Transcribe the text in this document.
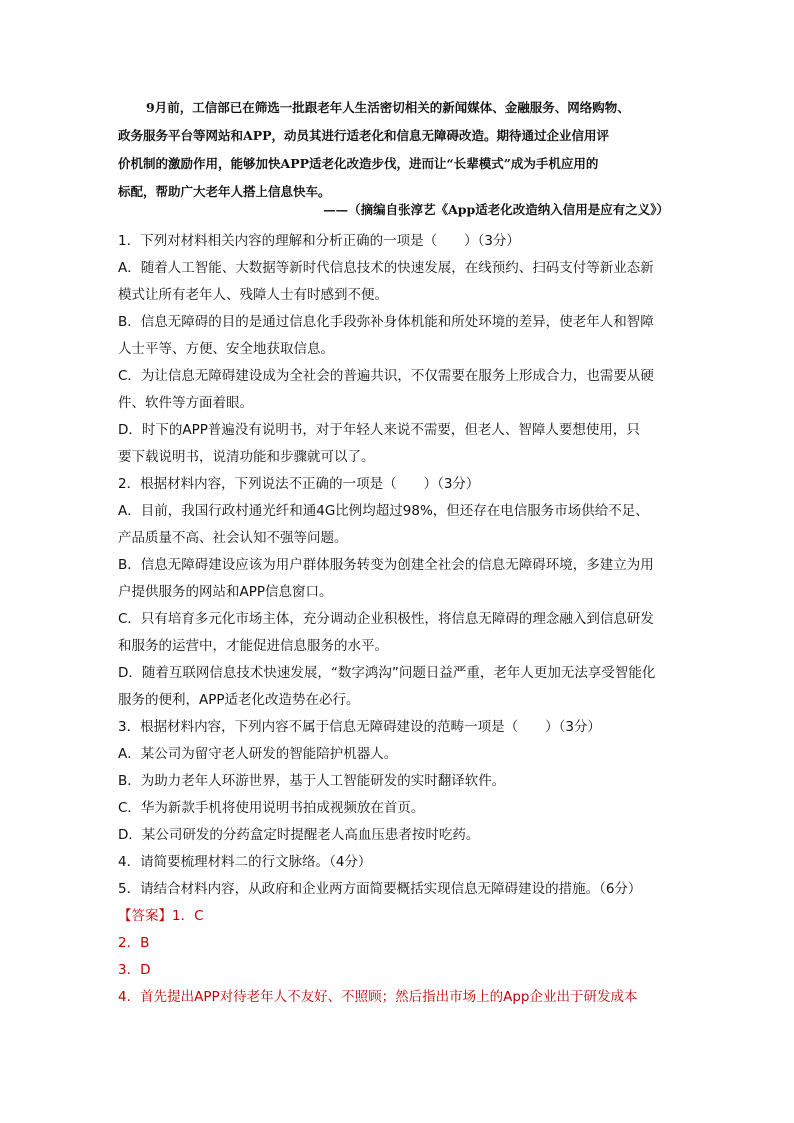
9月前，工信部已在筛选一批跟老年人生活密切相关的新闻媒体、金融服务、网络购物、
政务服务平台等网站和APP，动员其进行适老化和信息无障碍改造。期待通过企业信用评
价机制的激励作用，能够加快APP适老化改造步伐，进而让“长辈模式”成为手机应用的
标配，帮助广大老年人搭上信息快车。
——（摘编自张淳艺《App适老化改造纳入信用是应有之义》）
1．下列对材料相关内容的理解和分析正确的一项是（　　）（3分）
A．随着人工智能、大数据等新时代信息技术的快速发展，在线预约、扫码支付等新业态新
模式让所有老年人、残障人士有时感到不便。
B．信息无障碍的目的是通过信息化手段弥补身体机能和所处环境的差异，使老年人和智障
人士平等、方便、安全地获取信息。
C．为让信息无障碍建设成为全社会的普遍共识，不仅需要在服务上形成合力，也需要从硬
件、软件等方面着眼。
D．时下的APP普遍没有说明书，对于年轻人来说不需要，但老人、智障人要想使用，只
要下载说明书，说清功能和步骤就可以了。
2．根据材料内容，下列说法不正确的一项是（　　）（3分）
A．目前，我国行政村通光纤和通4G比例均超过98%，但还存在电信服务市场供给不足、
产品质量不高、社会认知不强等问题。
B．信息无障碍建设应该为用户群体服务转变为创建全社会的信息无障碍环境，多建立为用
户提供服务的网站和APP信息窗口。
C．只有培育多元化市场主体，充分调动企业积极性，将信息无障碍的理念融入到信息研发
和服务的运营中，才能促进信息服务的水平。
D．随着互联网信息技术快速发展，“数字鸿沟”问题日益严重，老年人更加无法享受智能化
服务的便利，APP适老化改造势在必行。
3．根据材料内容，下列内容不属于信息无障碍建设的范畴一项是（　　）（3分）
A．某公司为留守老人研发的智能陪护机器人。
B．为助力老年人环游世界，基于人工智能研发的实时翻译软件。
C．华为新款手机将使用说明书拍成视频放在首页。
D．某公司研发的分药盒定时提醒老人高血压患者按时吃药。
4．请简要梳理材料二的行文脉络。（4分）
5．请结合材料内容，从政府和企业两方面简要概括实现信息无障碍建设的措施。（6分）
【答案】1．C
2．B
3．D
4．首先提出APP对待老年人不友好、不照顾；然后指出市场上的App企业出于研发成本
